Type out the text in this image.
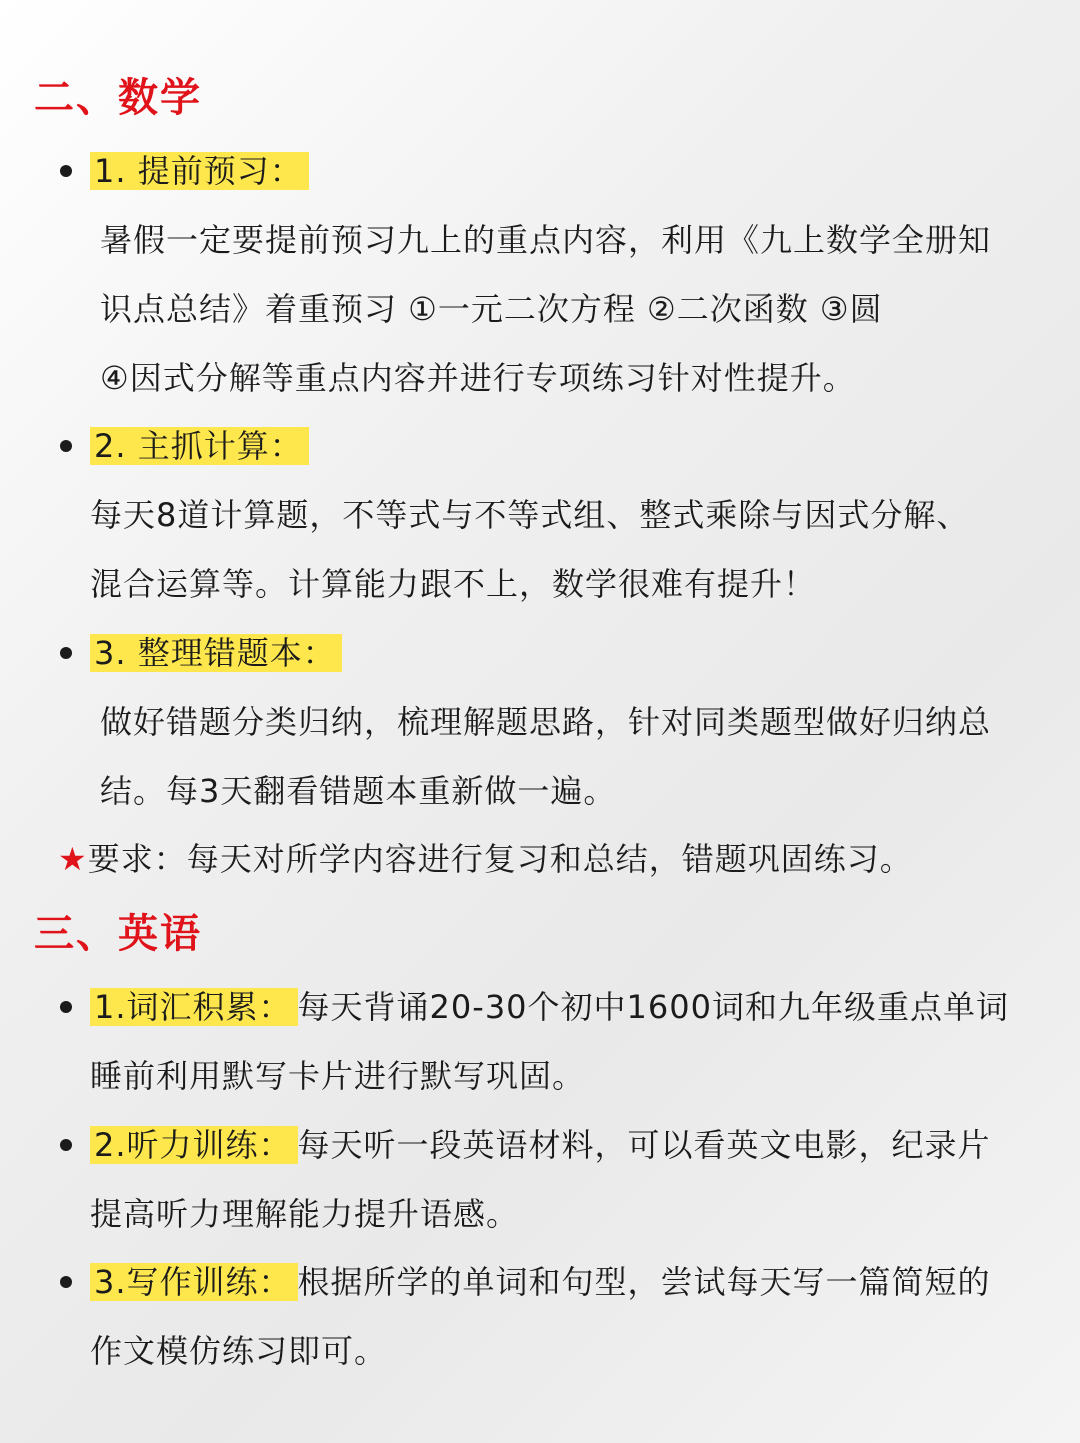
二、数学
1. 提前预习：
暑假一定要提前预习九上的重点内容，利用《九上数学全册知
识点总结》着重预习 ①一元二次方程 ②二次函数 ③圆
④因式分解等重点内容并进行专项练习针对性提升。
2. 主抓计算：
每天8道计算题，不等式与不等式组、整式乘除与因式分解、
混合运算等。计算能力跟不上，数学很难有提升！
3. 整理错题本：
做好错题分类归纳，梳理解题思路，针对同类题型做好归纳总
结。每3天翻看错题本重新做一遍。
★要求：每天对所学内容进行复习和总结，错题巩固练习。
三、英语
1.词汇积累： 每天背诵20-30个初中1600词和九年级重点单词
睡前利用默写卡片进行默写巩固。
2.听力训练： 每天听一段英语材料，可以看英文电影，纪录片
提高听力理解能力提升语感。
3.写作训练： 根据所学的单词和句型，尝试每天写一篇简短的
作文模仿练习即可。
